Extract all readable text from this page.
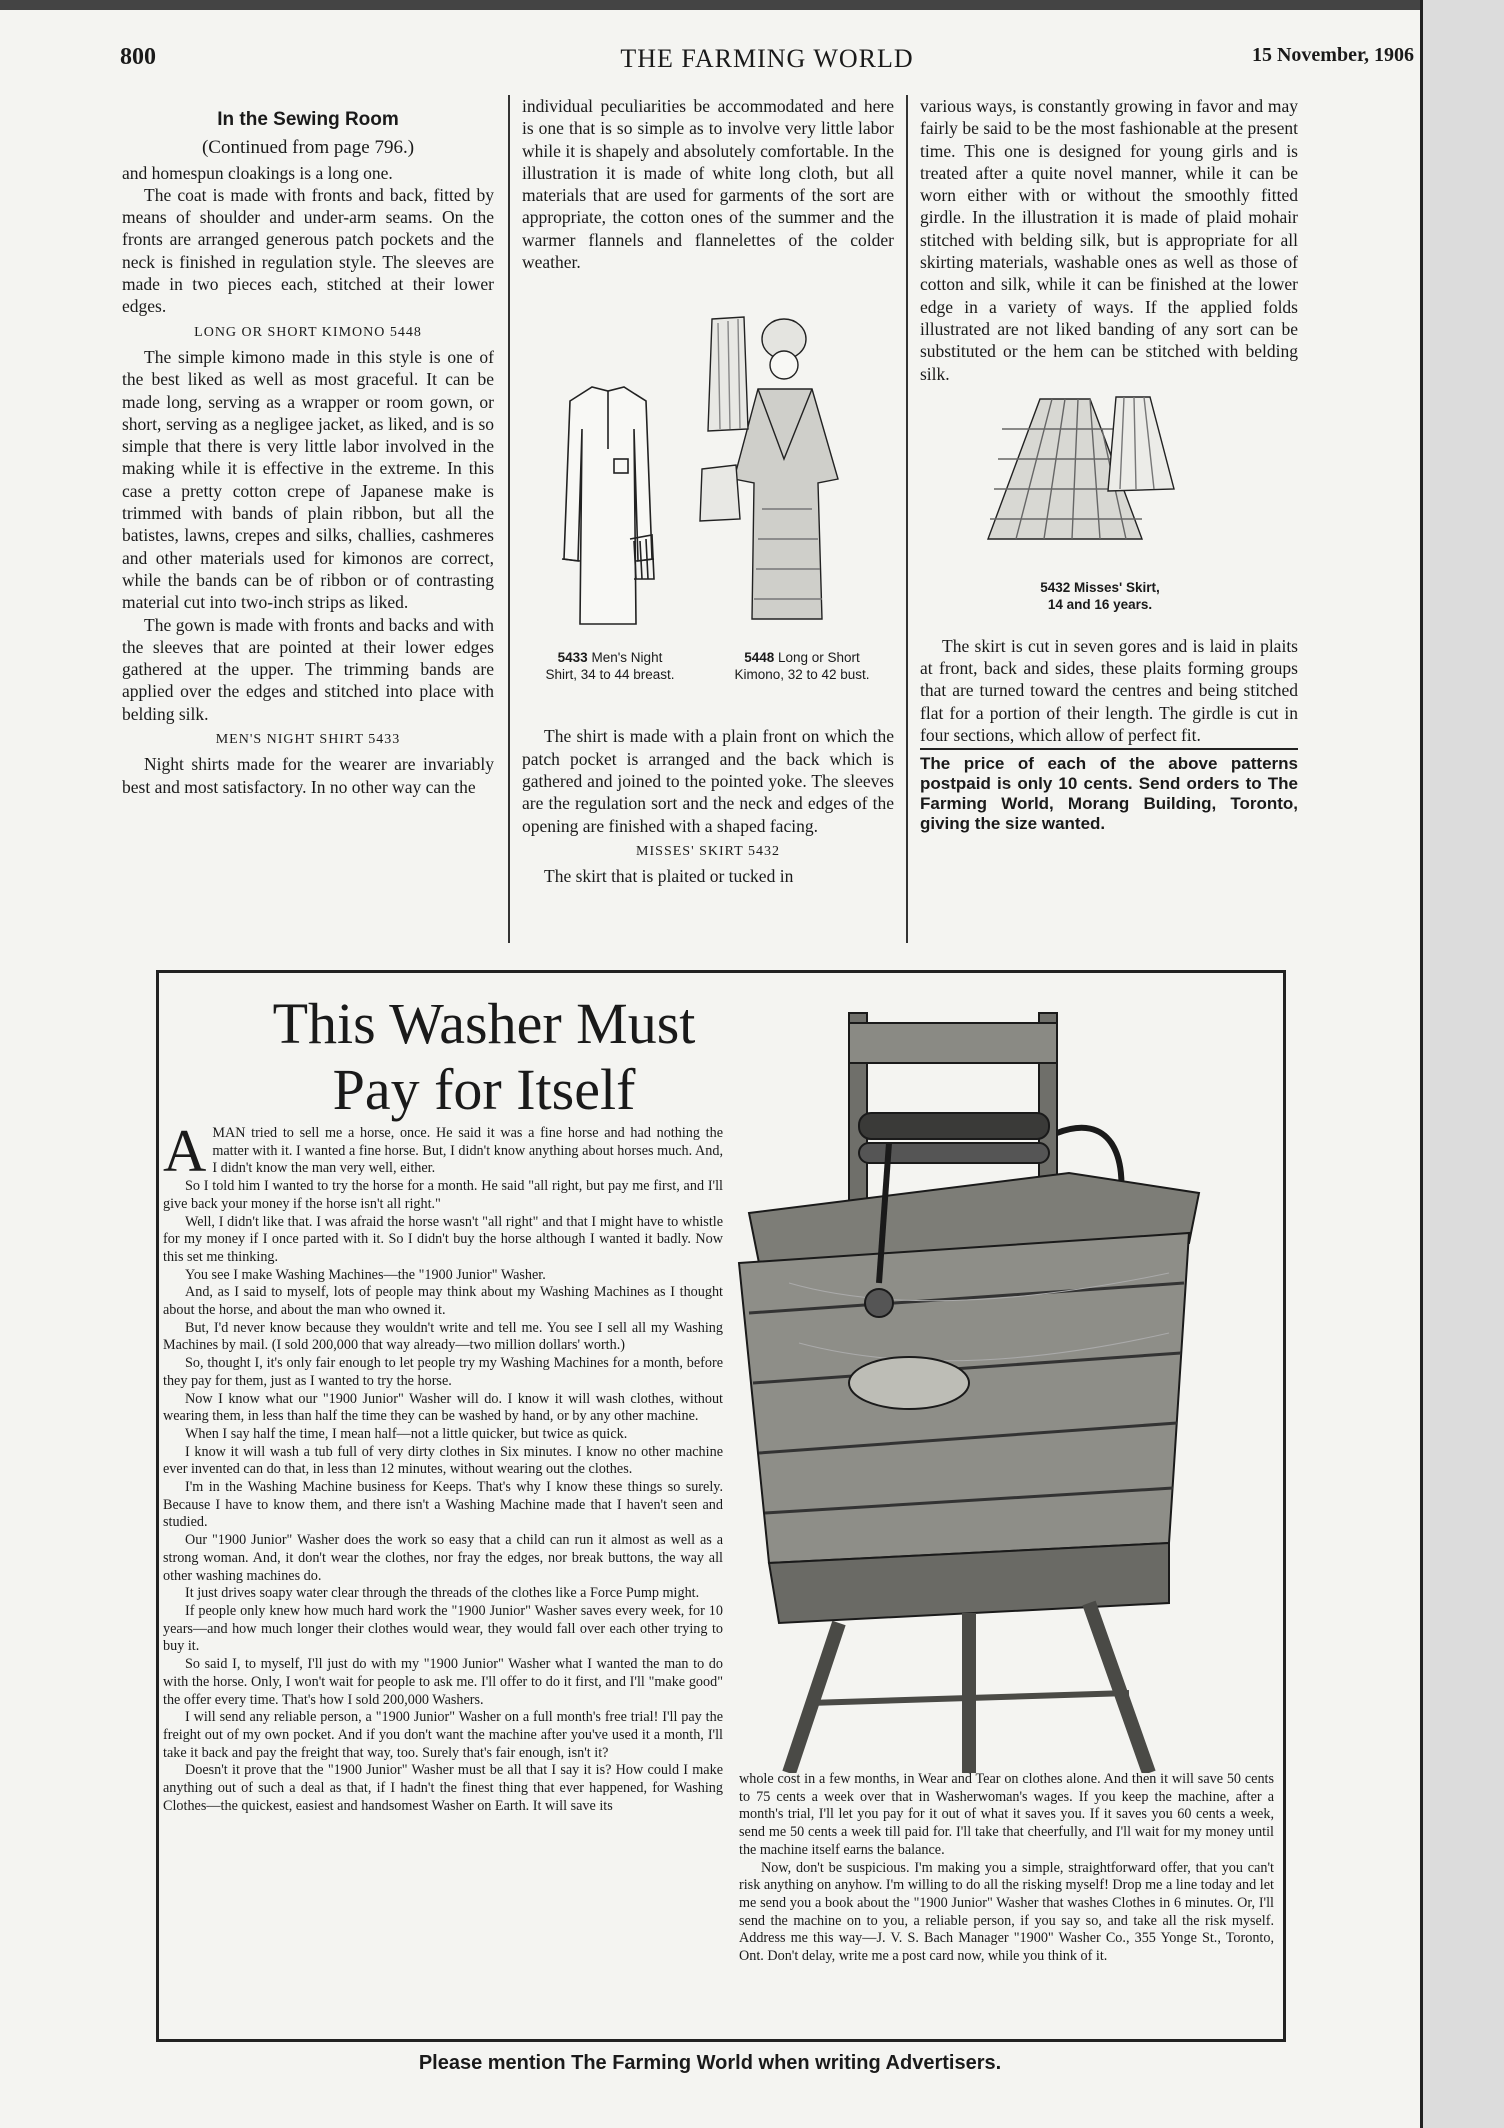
800	THE FARMING WORLD	15 November, 1906

In the Sewing Room

(Continued from page 796.)

and homespun cloakings is a long one.

The coat is made with fronts and back, fitted by means of shoulder and under-arm seams. On the fronts are arranged generous patch pockets and the neck is finished in regulation style. The sleeves are made in two pieces each, stitched at their lower edges.

LONG OR SHORT KIMONO 5448

The simple kimono made in this style is one of the best liked as well as most graceful. It can be made long, serving as a wrapper or room gown, or short, serving as a negligee jacket, as liked, and is so simple that there is very little labor involved in the making while it is effective in the extreme. In this case a pretty cotton crepe of Japanese make is trimmed with bands of plain ribbon, but all the batistes, lawns, crepes and silks, challies, cashmeres and other materials used for kimonos are correct, while the bands can be of ribbon or of contrasting material cut into two-inch strips as liked.

The gown is made with fronts and backs and with the sleeves that are pointed at their lower edges gathered at the upper. The trimming bands are applied over the edges and stitched into place with belding silk.

MEN'S NIGHT SHIRT 5433

Night shirts made for the wearer are invariably best and most satisfactory. In no other way can the

individual peculiarities be accommodated and here is one that is so simple as to involve very little labor while it is shapely and absolutely comfortable. In the illustration it is made of white long cloth, but all materials that are used for garments of the sort are appropriate, the cotton ones of the summer and the warmer flannels and flannelettes of the colder weather.

5433 Men's Night
Shirt, 34 to 44 breast.
5448 Long or Short
Kimono, 32 to 42 bust.

The shirt is made with a plain front on which the patch pocket is arranged and the back which is gathered and joined to the pointed yoke. The sleeves are the regulation sort and the neck and edges of the opening are finished with a shaped facing.

MISSES' SKIRT 5432

The skirt that is plaited or tucked in

various ways, is constantly growing in favor and may fairly be said to be the most fashionable at the present time. This one is designed for young girls and is treated after a quite novel manner, while it can be worn either with or without the smoothly fitted girdle. In the illustration it is made of plaid mohair stitched with belding silk, but is appropriate for all skirting materials, washable ones as well as those of cotton and silk, while it can be finished at the lower edge in a variety of ways. If the applied folds illustrated are not liked banding of any sort can be substituted or the hem can be stitched with belding silk.

5432 Misses' Skirt,
14 and 16 years.

The skirt is cut in seven gores and is laid in plaits at front, back and sides, these plaits forming groups that are turned toward the centres and being stitched flat for a portion of their length. The girdle is cut in four sections, which allow of perfect fit.

The price of each of the above patterns postpaid is only 10 cents. Send orders to The Farming World, Morang Building, Toronto, giving the size wanted.

This Washer Must
Pay for Itself
A MAN tried to sell me a horse, once. He said it was a fine horse and had nothing the matter with it. I wanted a fine horse. But, I didn't know anything about horses much. And, I didn't know the man very well, either.

So I told him I wanted to try the horse for a month. He said "all right, but pay me first, and I'll give back your money if the horse isn't all right."

Well, I didn't like that. I was afraid the horse wasn't "all right" and that I might have to whistle for my money if I once parted with it. So I didn't buy the horse although I wanted it badly. Now this set me thinking.

You see I make Washing Machines—the "1900 Junior" Washer.

And, as I said to myself, lots of people may think about my Washing Machines as I thought about the horse, and about the man who owned it.

But, I'd never know because they wouldn't write and tell me. You see I sell all my Washing Machines by mail. (I sold 200,000 that way already—two million dollars' worth.)

So, thought I, it's only fair enough to let people try my Washing Machines for a month, before they pay for them, just as I wanted to try the horse.

Now I know what our "1900 Junior" Washer will do. I know it will wash clothes, without wearing them, in less than half the time they can be washed by hand, or by any other machine.

When I say half the time, I mean half—not a little quicker, but twice as quick.

I know it will wash a tub full of very dirty clothes in Six minutes. I know no other machine ever invented can do that, in less than 12 minutes, without wearing out the clothes.

I'm in the Washing Machine business for Keeps. That's why I know these things so surely. Because I have to know them, and there isn't a Washing Machine made that I haven't seen and studied.

Our "1900 Junior" Washer does the work so easy that a child can run it almost as well as a strong woman. And, it don't wear the clothes, nor fray the edges, nor break buttons, the way all other washing machines do.

It just drives soapy water clear through the threads of the clothes like a Force Pump might.

If people only knew how much hard work the "1900 Junior" Washer saves every week, for 10 years—and how much longer their clothes would wear, they would fall over each other trying to buy it.

So said I, to myself, I'll just do with my "1900 Junior" Washer what I wanted the man to do with the horse. Only, I won't wait for people to ask me. I'll offer to do it first, and I'll "make good" the offer every time. That's how I sold 200,000 Washers.

I will send any reliable person, a "1900 Junior" Washer on a full month's free trial! I'll pay the freight out of my own pocket. And if you don't want the machine after you've used it a month, I'll take it back and pay the freight that way, too. Surely that's fair enough, isn't it?

Doesn't it prove that the "1900 Junior" Washer must be all that I say it is? How could I make anything out of such a deal as that, if I hadn't the finest thing that ever happened, for Washing Clothes—the quickest, easiest and handsomest Washer on Earth. It will save its

whole cost in a few months, in Wear and Tear on clothes alone. And then it will save 50 cents to 75 cents a week over that in Washerwoman's wages. If you keep the machine, after a month's trial, I'll let you pay for it out of what it saves you. If it saves you 60 cents a week, send me 50 cents a week till paid for. I'll take that cheerfully, and I'll wait for my money until the machine itself earns the balance.

Now, don't be suspicious. I'm making you a simple, straightforward offer, that you can't risk anything on anyhow. I'm willing to do all the risking myself! Drop me a line today and let me send you a book about the "1900 Junior" Washer that washes Clothes in 6 minutes. Or, I'll send the machine on to you, a reliable person, if you say so, and take all the risk myself. Address me this way—J. V. S. Bach Manager "1900" Washer Co., 355 Yonge St., Toronto, Ont. Don't delay, write me a post card now, while you think of it.

Please mention The Farming World when writing Advertisers.
